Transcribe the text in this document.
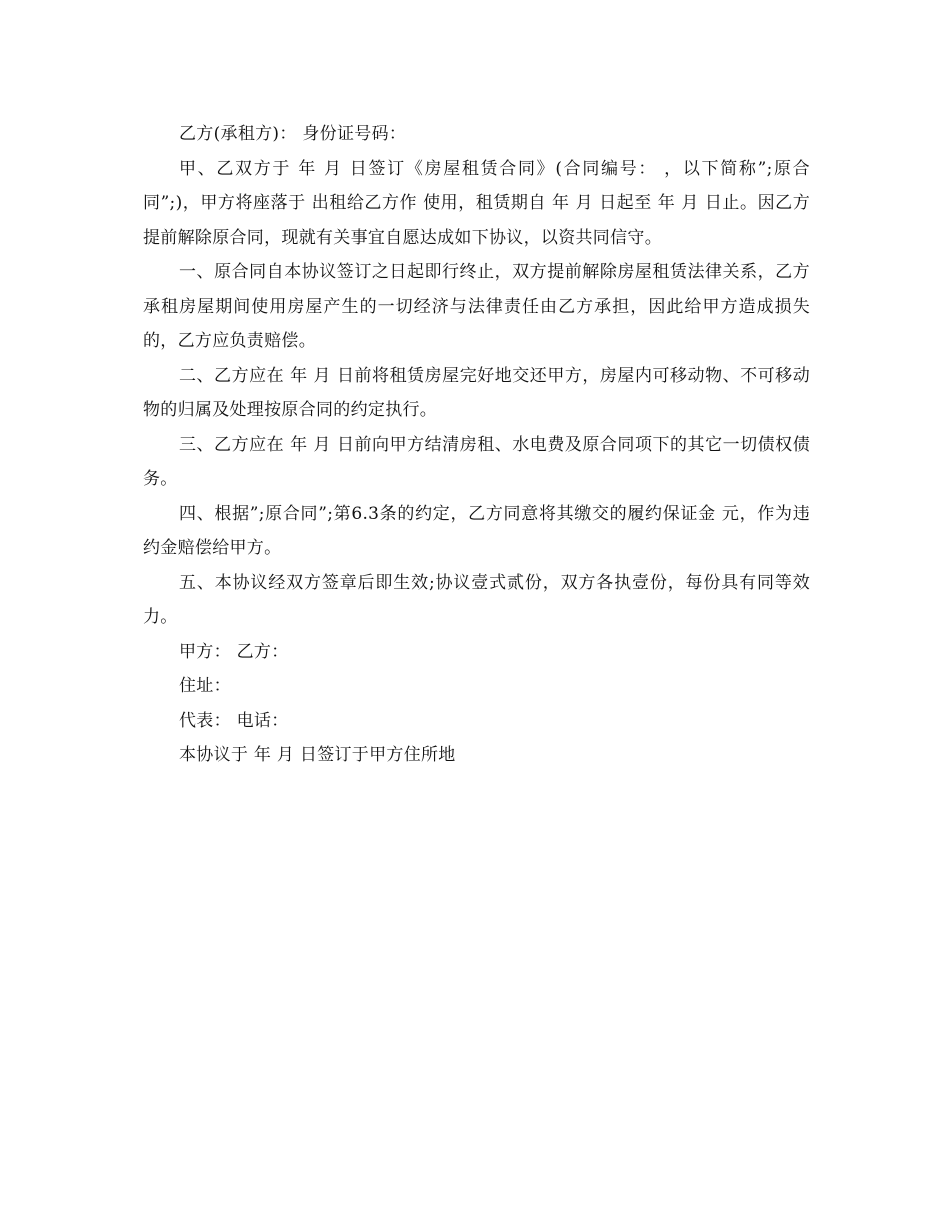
乙方(承租方)： 身份证号码：

甲、乙双方于 年 月 日签订《房屋租赁合同》(合同编号： ，以下简称”;原合同”;)，甲方将座落于 出租给乙方作 使用，租赁期自 年 月 日起至 年 月 日止。因乙方提前解除原合同，现就有关事宜自愿达成如下协议，以资共同信守。

一、原合同自本协议签订之日起即行终止，双方提前解除房屋租赁法律关系，乙方承租房屋期间使用房屋产生的一切经济与法律责任由乙方承担，因此给甲方造成损失的，乙方应负责赔偿。

二、乙方应在 年 月 日前将租赁房屋完好地交还甲方，房屋内可移动物、不可移动物的归属及处理按原合同的约定执行。

三、乙方应在 年 月 日前向甲方结清房租、水电费及原合同项下的其它一切债权债务。

四、根据”;原合同”;第6.3条的约定，乙方同意将其缴交的履约保证金 元，作为违约金赔偿给甲方。

五、本协议经双方签章后即生效;协议壹式贰份，双方各执壹份，每份具有同等效力。

甲方： 乙方：

住址：

代表： 电话：

本协议于 年 月 日签订于甲方住所地
